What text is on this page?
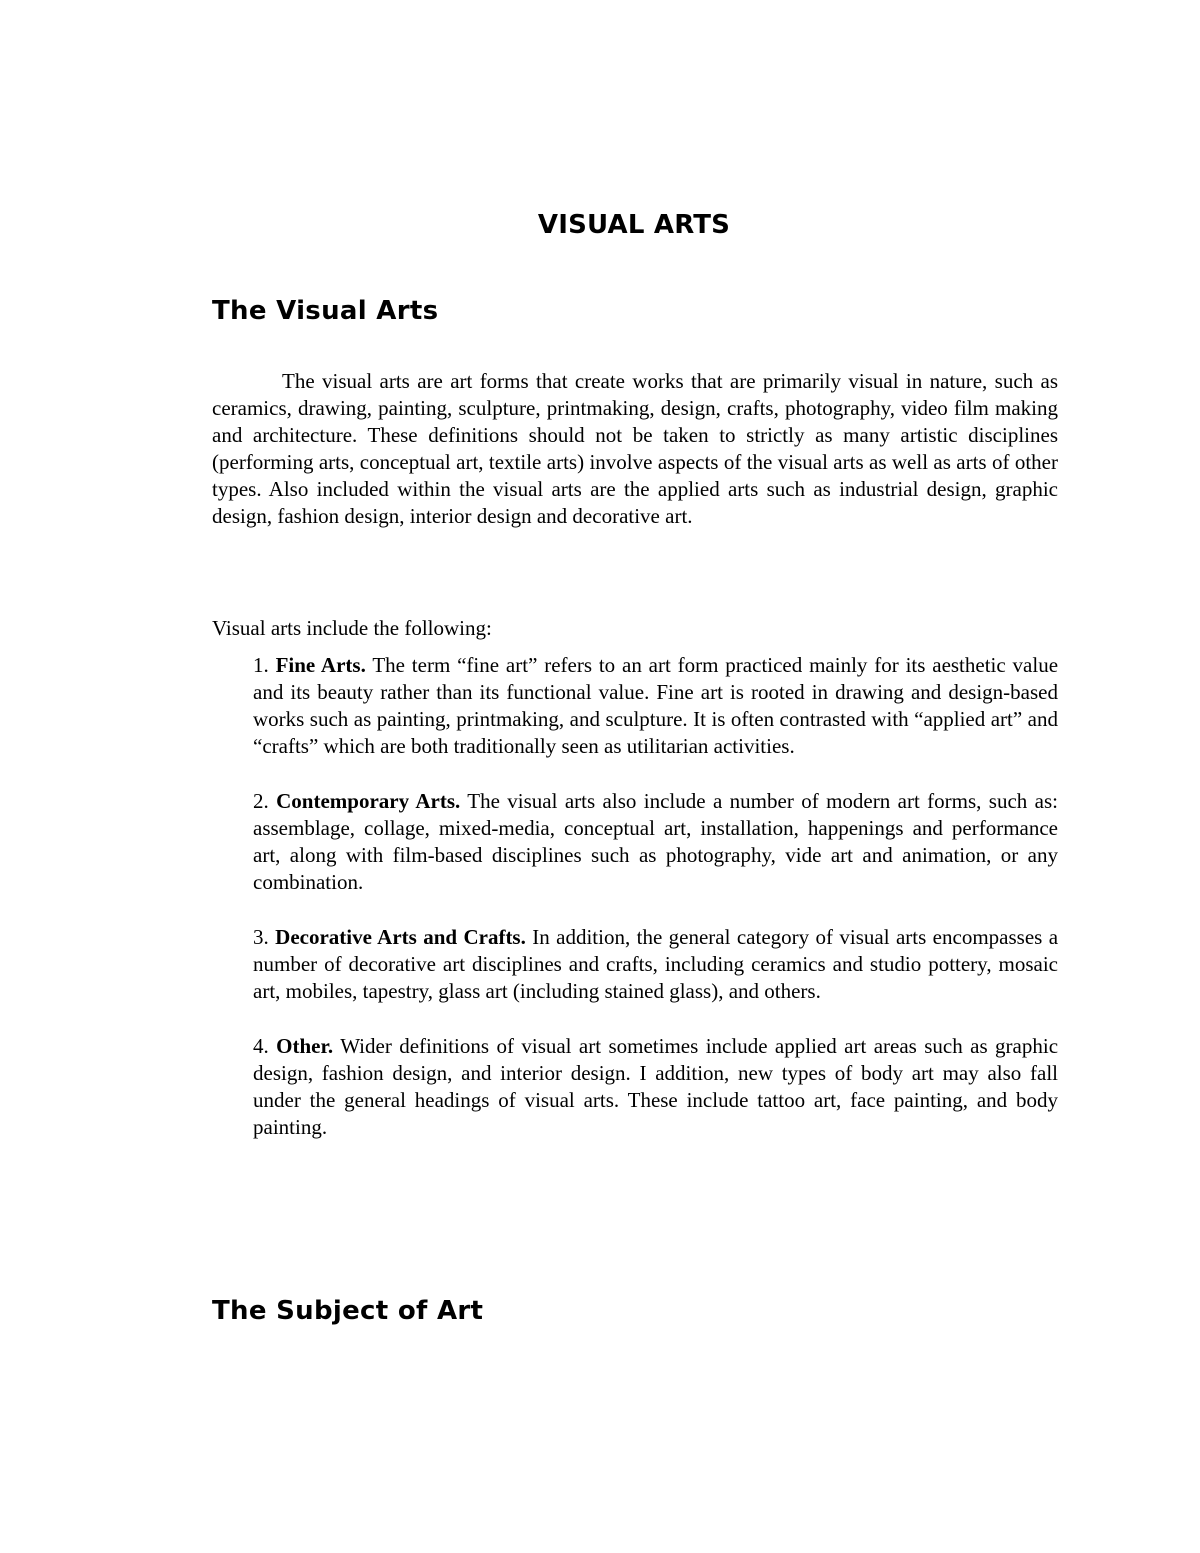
VISUAL ARTS
The Visual Arts

The visual arts are art forms that create works that are primarily visual in nature, such as ceramics, drawing, painting, sculpture, printmaking, design, crafts, photography, video film making and architecture. These definitions should not be taken to strictly as many artistic disciplines (performing arts, conceptual art, textile arts) involve aspects of the visual arts as well as arts of other types. Also included within the visual arts are the applied arts such as industrial design, graphic design, fashion design, interior design and decorative art.

Visual arts include the following:

1. Fine Arts. The term “fine art” refers to an art form practiced mainly for its aesthetic value and its beauty rather than its functional value. Fine art is rooted in drawing and design-based works such as painting, printmaking, and sculpture. It is often contrasted with “applied art” and “crafts” which are both traditionally seen as utilitarian activities.
2. Contemporary Arts. The visual arts also include a number of modern art forms, such as: assemblage, collage, mixed-media, conceptual art, installation, happenings and performance art, along with film-based disciplines such as photography, vide art and animation, or any combination.
3. Decorative Arts and Crafts. In addition, the general category of visual arts encompasses a number of decorative art disciplines and crafts, including ceramics and studio pottery, mosaic art, mobiles, tapestry, glass art (including stained glass), and others.
4. Other. Wider definitions of visual art sometimes include applied art areas such as graphic design, fashion design, and interior design. I addition, new types of body art may also fall under the general headings of visual arts. These include tattoo art, face painting, and body painting.
The Subject of Art
